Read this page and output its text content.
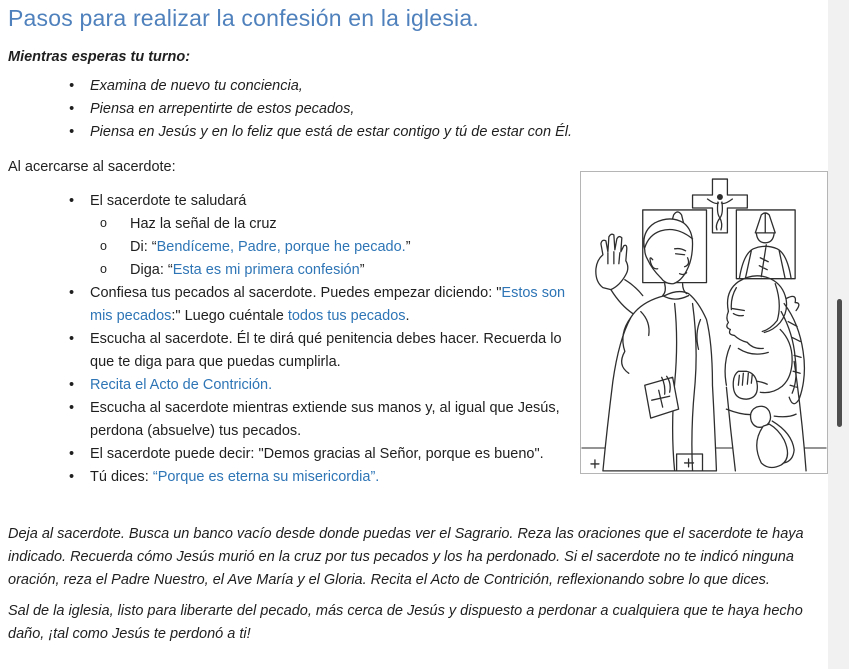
Pasos para realizar la confesión en la iglesia.

Mientras esperas tu turno:

• Examina de nuevo tu conciencia,
• Piensa en arrepentirte de estos pecados,
• Piensa en Jesús y en lo feliz que está de estar contigo y tú de estar con Él.

Al acercarse al sacerdote:

• El sacerdote te saludará
o Haz la señal de la cruz
o Di: “Bendíceme, Padre, porque he pecado.”
o Diga: “Esta es mi primera confesión”
• Confiesa tus pecados al sacerdote. Puedes empezar diciendo: "Estos son mis pecados:" Luego cuéntale todos tus pecados.
• Escucha al sacerdote. Él te dirá qué penitencia debes hacer. Recuerda lo que te diga para que puedas cumplirla.
• Recita el Acto de Contrición.
• Escucha al sacerdote mientras extiende sus manos y, al igual que Jesús, perdona (absuelve) tus pecados.
• El sacerdote puede decir: "Demos gracias al Señor, porque es bueno".
• Tú dices: “Porque es eterna su misericordia”.

Deja al sacerdote. Busca un banco vacío desde donde puedas ver el Sagrario. Reza las oraciones que el sacerdote te haya indicado. Recuerda cómo Jesús murió en la cruz por tus pecados y los ha perdonado. Si el sacerdote no te indicó ninguna oración, reza el Padre Nuestro, el Ave María y el Gloria. Recita el Acto de Contrición, reflexionando sobre lo que dices.

Sal de la iglesia, listo para liberarte del pecado, más cerca de Jesús y dispuesto a perdonar a cualquiera que te haya hecho daño, ¡tal como Jesús te perdonó a ti!
